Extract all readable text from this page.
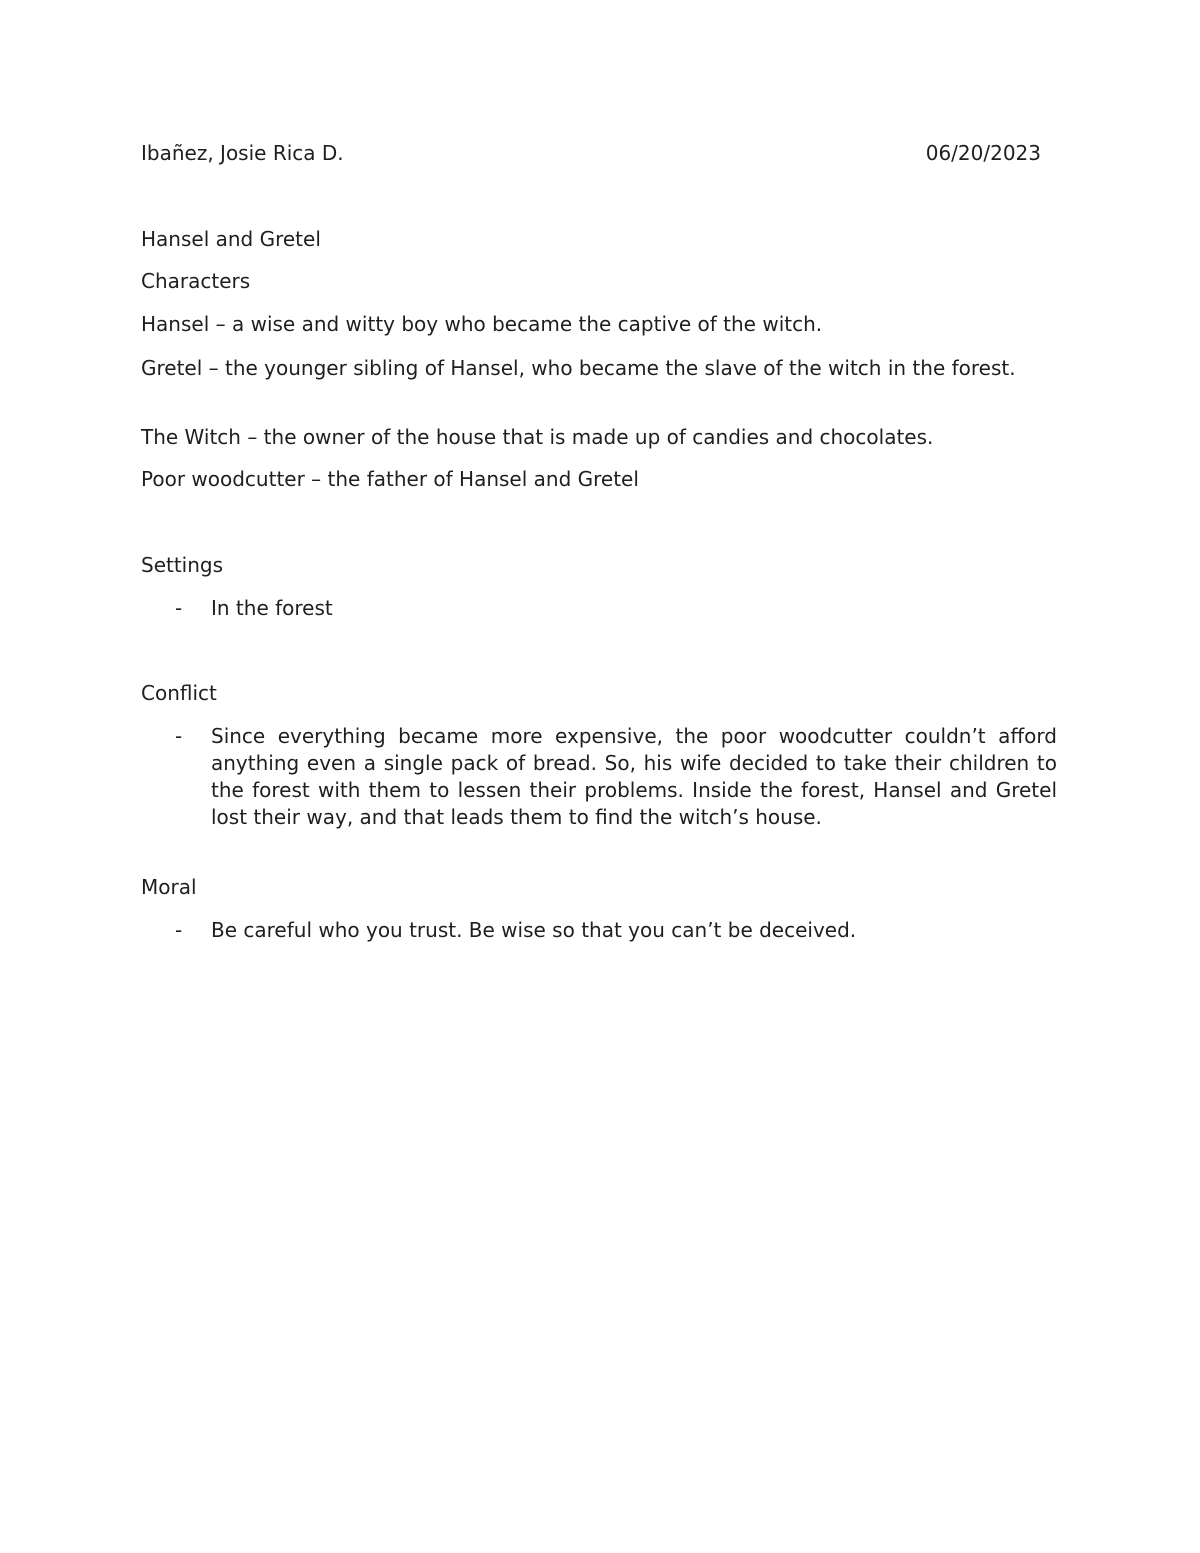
Ibañez, Josie Rica D.	06/20/2023
Hansel and Gretel
Characters
Hansel – a wise and witty boy who became the captive of the witch.
Gretel – the younger sibling of Hansel, who became the slave of the witch in the forest.
The Witch – the owner of the house that is made up of candies and chocolates.
Poor woodcutter – the father of Hansel and Gretel
Settings
-	In the forest
Conflict
-	Since everything became more expensive, the poor woodcutter couldn’t afford anything even a single pack of bread. So, his wife decided to take their children to the forest with them to lessen their problems. Inside the forest, Hansel and Gretel lost their way, and that leads them to find the witch’s house.
Moral
-	Be careful who you trust. Be wise so that you can’t be deceived.
